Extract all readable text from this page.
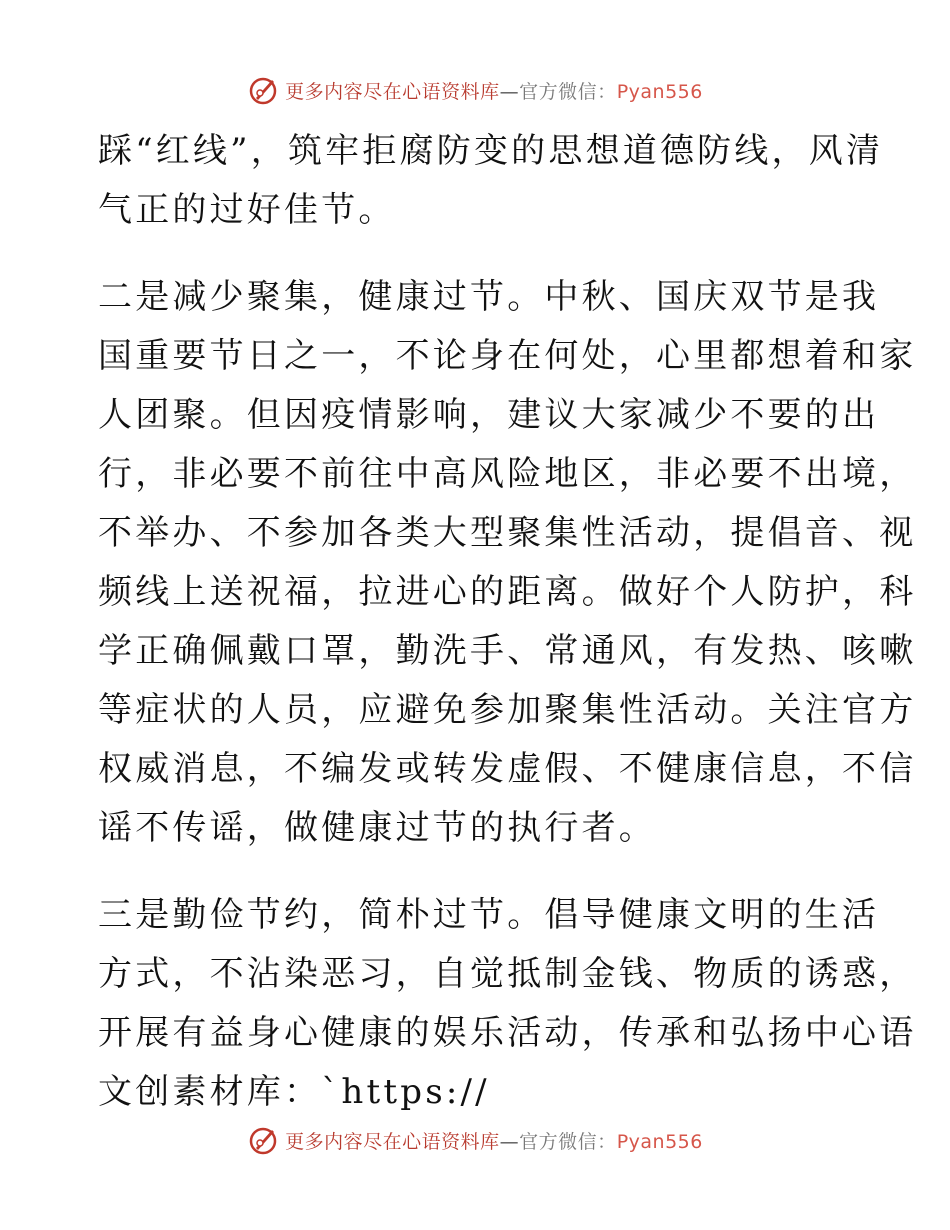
更多内容尽在心语资料库—官方微信：Pyan556

踩“红线”，筑牢拒腐防变的思想道德防线，风清
气正的过好佳节。

二是减少聚集，健康过节。中秋、国庆双节是我
国重要节日之一，不论身在何处，心里都想着和家
人团聚。但因疫情影响，建议大家减少不要的出
行，非必要不前往中高风险地区，非必要不出境，
不举办、不参加各类大型聚集性活动，提倡音、视
频线上送祝福，拉进心的距离。做好个人防护，科
学正确佩戴口罩，勤洗手、常通风，有发热、咳嗽
等症状的人员，应避免参加聚集性活动。关注官方
权威消息，不编发或转发虚假、不健康信息，不信
谣不传谣，做健康过节的执行者。

三是勤俭节约，简朴过节。倡导健康文明的生活
方式，不沾染恶习，自觉抵制金钱、物质的诱惑，
开展有益身心健康的娱乐活动，传承和弘扬中心语
文创素材库：`https://

更多内容尽在心语资料库—官方微信：Pyan556
